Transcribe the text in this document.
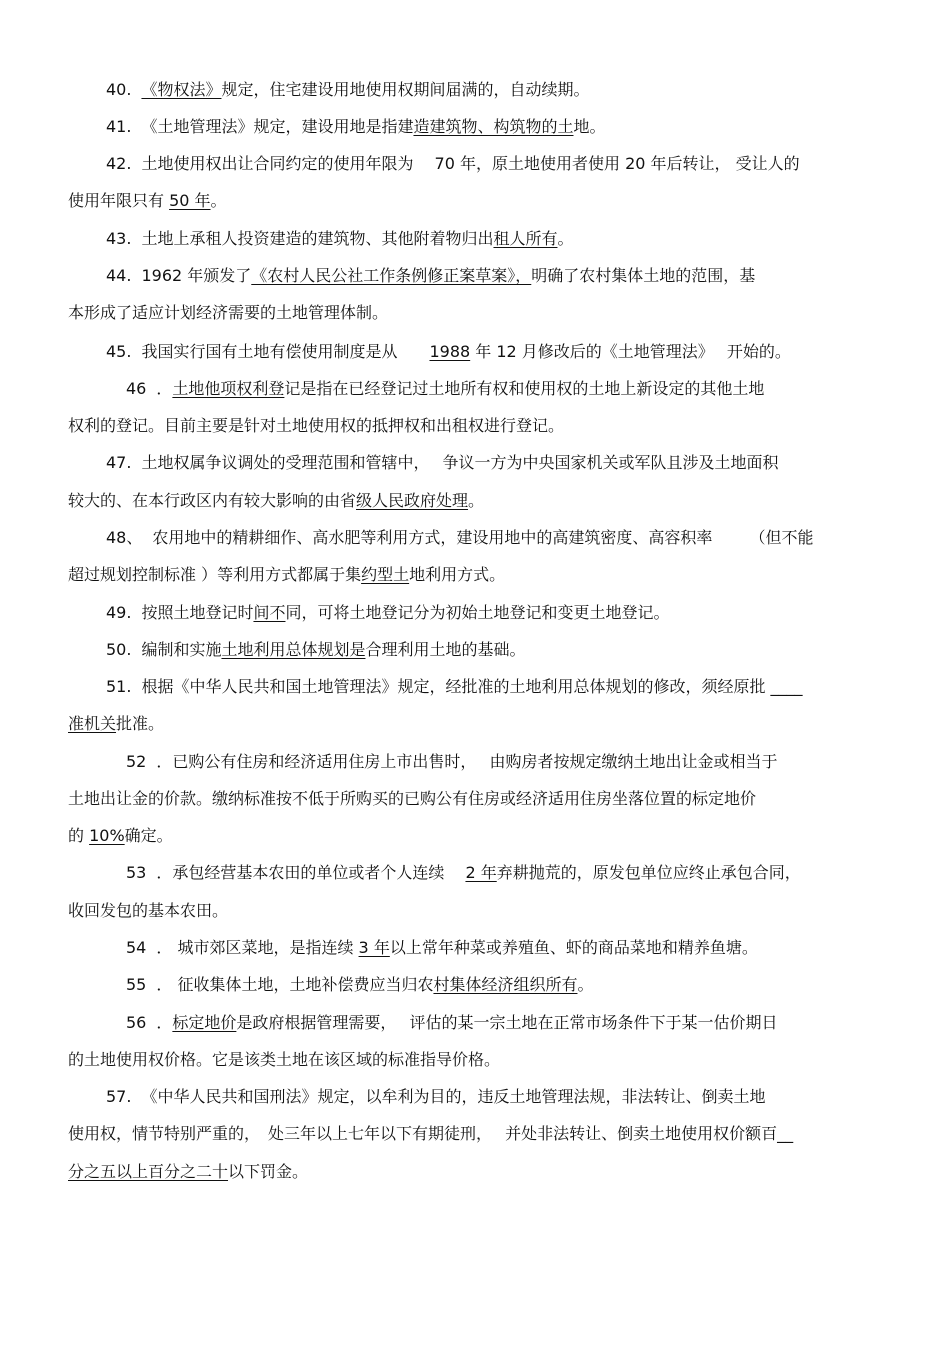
40. 《物权法》规定，住宅建设用地使用权期间届满的，自动续期。
41. 《土地管理法》规定，建设用地是指建造建筑物、构筑物的土地。
42. 土地使用权出让合同约定的使用年限为　 70 年，原土地使用者使用 20 年后转让， 受让人的
使用年限只有 50 年。
43. 土地上承租人投资建造的建筑物、其他附着物归出租人所有。
44. 1962 年颁发了《农村人民公社工作条例修正案草案》，明确了农村集体土地的范围，基
本形成了适应计划经济需要的土地管理体制。
45. 我国实行国有土地有偿使用制度是从　　1988 年 12 月修改后的《土地管理法》　 开始的。
46 ．土地他项权利登记是指在已经登记过土地所有权和使用权的土地上新设定的其他土地
权利的登记。目前主要是针对土地使用权的抵押权和出租权进行登记。
47. 土地权属争议调处的受理范围和管辖中，　 争议一方为中央国家机关或军队且涉及土地面积
较大的、在本行政区内有较大影响的由省级人民政府处理。
48、 农用地中的精耕细作、高水肥等利用方式，建设用地中的高建筑密度、高容积率　　 （但不能
超过规划控制标准 ）等利用方式都属于集约型土地利用方式。
49. 按照土地登记时间不同，可将土地登记分为初始土地登记和变更土地登记。
50. 编制和实施土地利用总体规划是合理利用土地的基础。
51. 根据《中华人民共和国土地管理法》规定，经批准的土地利用总体规划的修改，须经原批 ____
准机关批准。
52 ．已购公有住房和经济适用住房上市出售时，　 由购房者按规定缴纳土地出让金或相当于
土地出让金的价款。缴纳标准按不低于所购买的已购公有住房或经济适用住房坐落位置的标定地价
的 10%确定。
53 ．承包经营基本农田的单位或者个人连续　 2 年弃耕抛荒的，原发包单位应终止承包合同，
收回发包的基本农田。
54 ． 城市郊区菜地，是指连续 3 年以上常年种菜或养殖鱼、虾的商品菜地和精养鱼塘。
55 ． 征收集体土地，土地补偿费应当归农村集体经济组织所有。
56 ．标定地价是政府根据管理需要，　 评估的某一宗土地在正常市场条件下于某一估价期日
的土地使用权价格。它是该类土地在该区域的标准指导价格。
57. 《中华人民共和国刑法》规定，以牟利为目的，违反土地管理法规，非法转让、倒卖土地
使用权，情节特别严重的，　处三年以上七年以下有期徒刑，　 并处非法转让、倒卖土地使用权价额百__
分之五以上百分之二十以下罚金。
